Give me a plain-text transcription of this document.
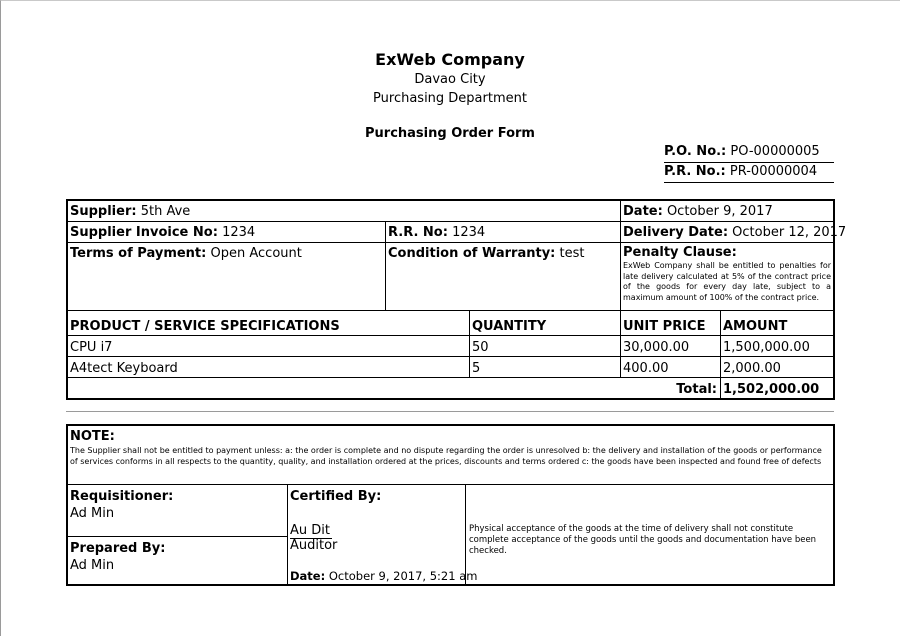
ExWeb Company
Davao City
Purchasing Department
Purchasing Order Form
P.O. No.: PO-00000005
P.R. No.: PR-00000004
Supplier: 5th Ave	Date: October 9, 2017
Supplier Invoice No: 1234	R.R. No: 1234	Delivery Date: October 12, 2017
Terms of Payment: Open Account	Condition of Warranty: test	Penalty Clause:
ExWeb Company shall be entitled to penalties for late delivery calculated at 5% of the contract price of the goods for every day late, subject to a maximum amount of 100% of the contract price.
PRODUCT / SERVICE SPECIFICATIONS	QUANTITY	UNIT PRICE	AMOUNT
CPU i7	50	30,000.00	1,500,000.00
A4tect Keyboard	5	400.00	2,000.00
Total: 1,502,000.00
NOTE:
The Supplier shall not be entitled to payment unless: a: the order is complete and no dispute regarding the order is unresolved b: the delivery and installation of the goods or performance of services conforms in all respects to the quantity, quality, and installation ordered at the prices, discounts and terms ordered c: the goods have been inspected and found free of defects
Requisitioner:
Ad Min
Prepared By:
Ad Min
Certified By:
Au Dit
Auditor
Date: October 9, 2017, 5:21 am
Physical acceptance of the goods at the time of delivery shall not constitute complete acceptance of the goods until the goods and documentation have been checked.
